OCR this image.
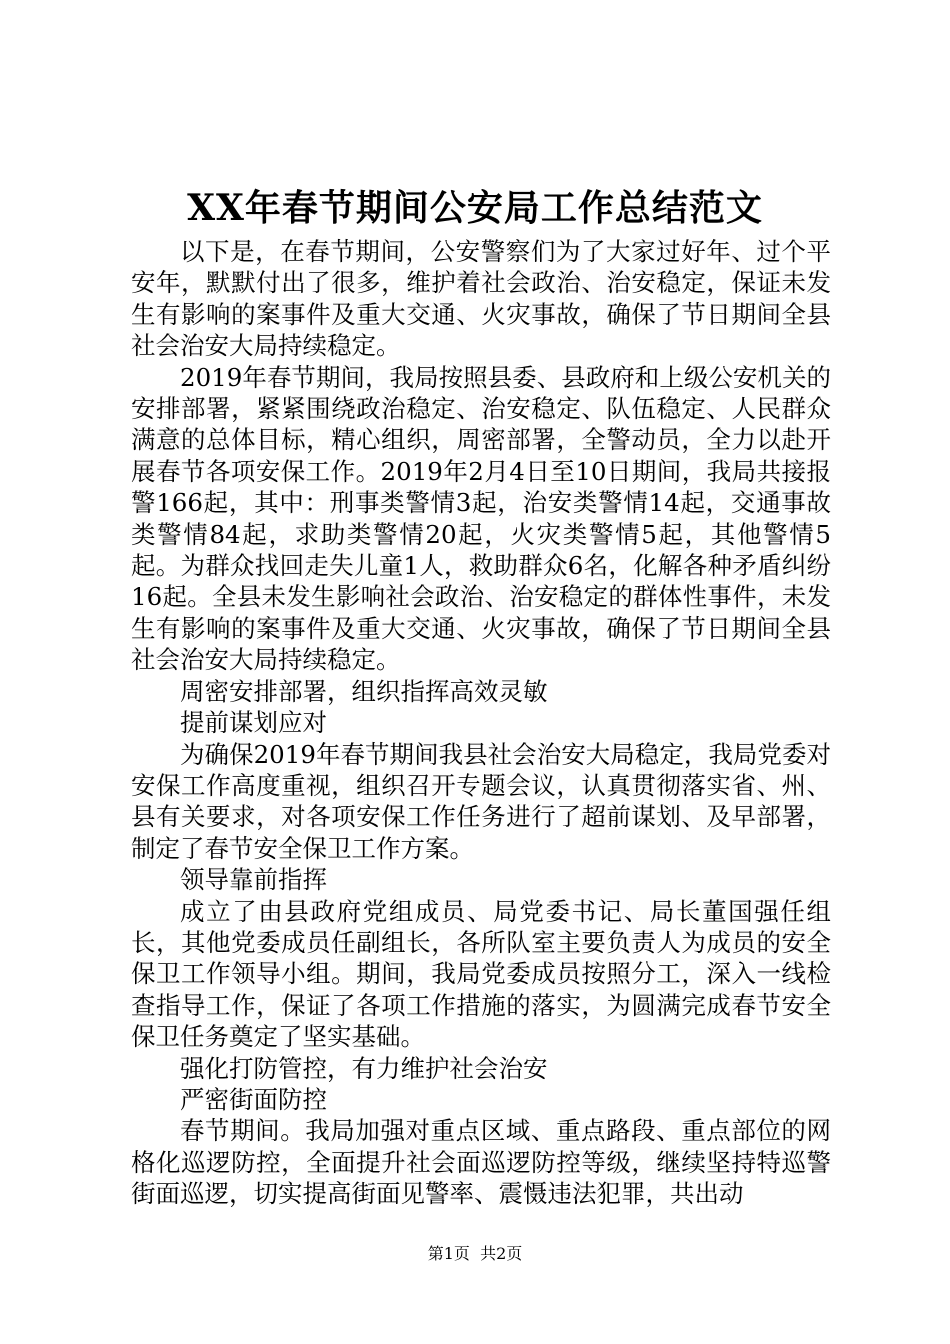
XX年春节期间公安局工作总结范文

以下是，在春节期间，公安警察们为了大家过好年、过个平安年，默默付出了很多，维护着社会政治、治安稳定，保证未发生有影响的案事件及重大交通、火灾事故，确保了节日期间全县社会治安大局持续稳定。

2019年春节期间，我局按照县委、县政府和上级公安机关的安排部署，紧紧围绕政治稳定、治安稳定、队伍稳定、人民群众满意的总体目标，精心组织，周密部署，全警动员，全力以赴开展春节各项安保工作。2019年2月4日至10日期间，我局共接报警166起，其中：刑事类警情3起，治安类警情14起，交通事故类警情84起，求助类警情20起，火灾类警情5起，其他警情5起。为群众找回走失儿童1人，救助群众6名，化解各种矛盾纠纷16起。全县未发生影响社会政治、治安稳定的群体性事件，未发生有影响的案事件及重大交通、火灾事故，确保了节日期间全县社会治安大局持续稳定。

周密安排部署，组织指挥高效灵敏

提前谋划应对

为确保2019年春节期间我县社会治安大局稳定，我局党委对安保工作高度重视，组织召开专题会议，认真贯彻落实省、州、县有关要求，对各项安保工作任务进行了超前谋划、及早部署，制定了春节安全保卫工作方案。

领导靠前指挥

成立了由县政府党组成员、局党委书记、局长董国强任组长，其他党委成员任副组长，各所队室主要负责人为成员的安全保卫工作领导小组。期间，我局党委成员按照分工，深入一线检查指导工作，保证了各项工作措施的落实，为圆满完成春节安全保卫任务奠定了坚实基础。

强化打防管控，有力维护社会治安

严密街面防控

春节期间。我局加强对重点区域、重点路段、重点部位的网格化巡逻防控，全面提升社会面巡逻防控等级，继续坚持特巡警街面巡逻，切实提高街面见警率、震慑违法犯罪，共出动

第1页  共2页
